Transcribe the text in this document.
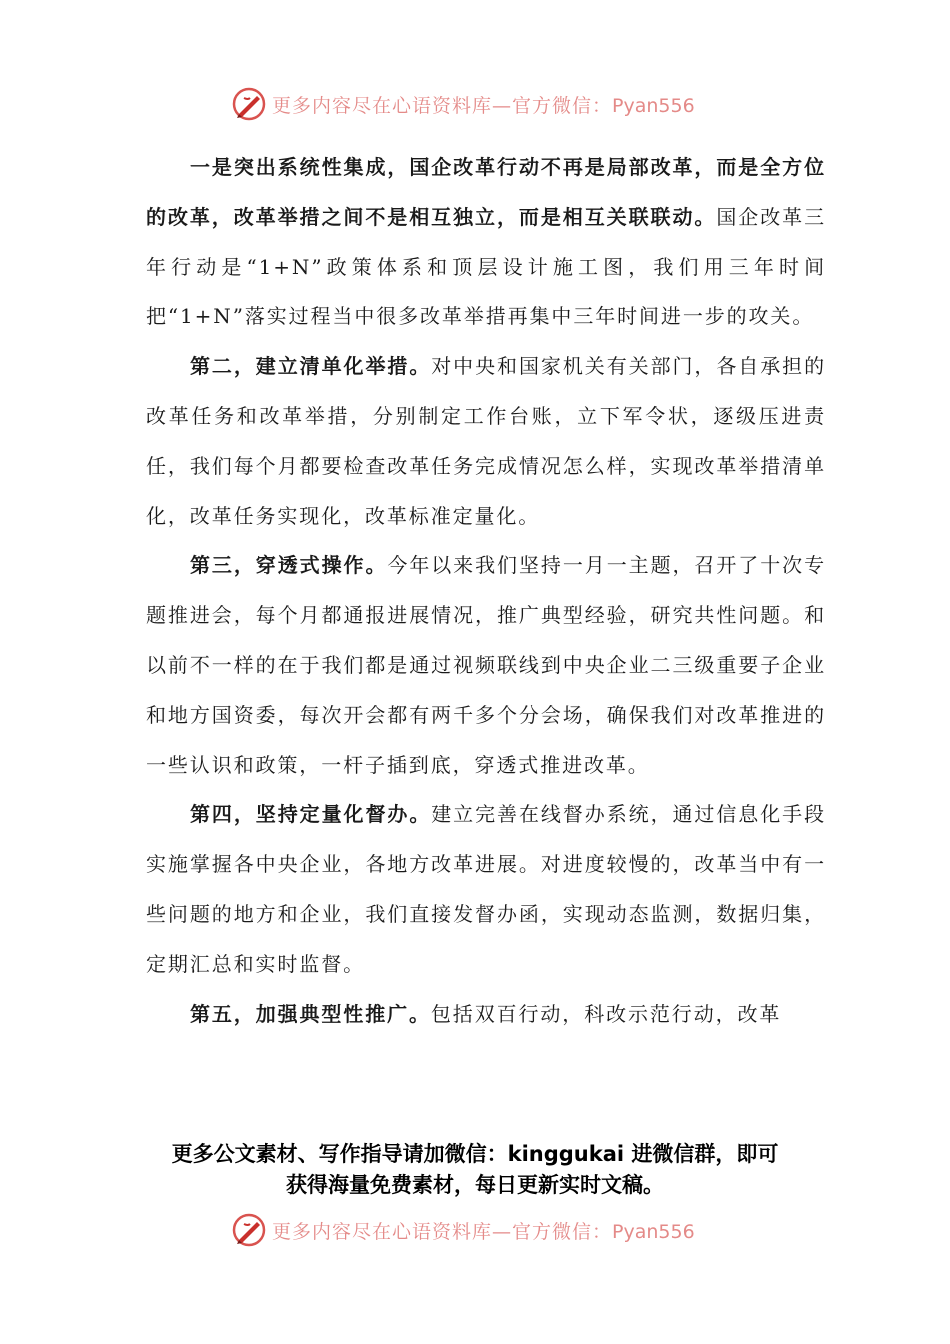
更多内容尽在心语资料库—官方微信：Pyan556

一是突出系统性集成，国企改革行动不再是局部改革，而是全方位的改革，改革举措之间不是相互独立，而是相互关联联动。国企改革三年行动是“1+N”政策体系和顶层设计施工图，我们用三年时间把“1+N”落实过程当中很多改革举措再集中三年时间进一步的攻关。

第二，建立清单化举措。对中央和国家机关有关部门，各自承担的改革任务和改革举措，分别制定工作台账，立下军令状，逐级压进责任，我们每个月都要检查改革任务完成情况怎么样，实现改革举措清单化，改革任务实现化，改革标准定量化。

第三，穿透式操作。今年以来我们坚持一月一主题，召开了十次专题推进会，每个月都通报进展情况，推广典型经验，研究共性问题。和以前不一样的在于我们都是通过视频联线到中央企业二三级重要子企业和地方国资委，每次开会都有两千多个分会场，确保我们对改革推进的一些认识和政策，一杆子插到底，穿透式推进改革。

第四，坚持定量化督办。建立完善在线督办系统，通过信息化手段实施掌握各中央企业，各地方改革进展。对进度较慢的，改革当中有一些问题的地方和企业，我们直接发督办函，实现动态监测，数据归集，定期汇总和实时监督。

第五，加强典型性推广。包括双百行动，科改示范行动，改革

更多公文素材、写作指导请加微信：kinggukai 进微信群，即可
获得海量免费素材，每日更新实时文稿。
更多内容尽在心语资料库—官方微信：Pyan556
